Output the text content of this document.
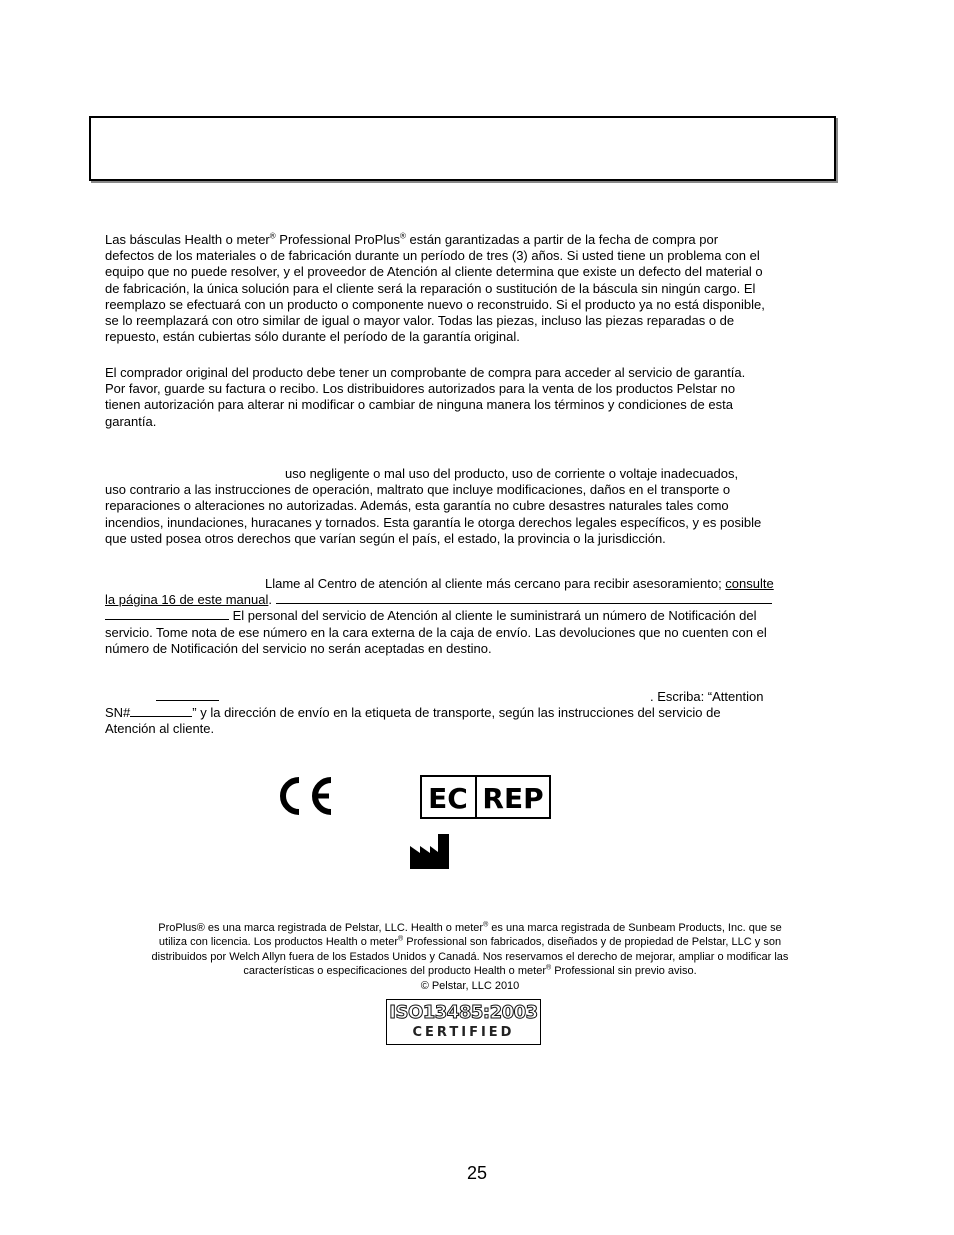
Las básculas Health o meter® Professional ProPlus® están garantizadas a partir de la fecha de compra por
defectos de los materiales o de fabricación durante un período de tres (3) años. Si usted tiene un problema con el
equipo que no puede resolver, y el proveedor de Atención al cliente determina que existe un defecto del material o
de fabricación, la única solución para el cliente será la reparación o sustitución de la báscula sin ningún cargo. El
reemplazo se efectuará con un producto o componente nuevo o reconstruido. Si el producto ya no está disponible,
se lo reemplazará con otro similar de igual o mayor valor. Todas las piezas, incluso las piezas reparadas o de
repuesto, están cubiertas sólo durante el período de la garantía original.

El comprador original del producto debe tener un comprobante de compra para acceder al servicio de garantía.
Por favor, guarde su factura o recibo. Los distribuidores autorizados para la venta de los productos Pelstar no
tienen autorización para alterar ni modificar o cambiar de ninguna manera los términos y condiciones de esta
garantía.

uso negligente o mal uso del producto, uso de corriente o voltaje inadecuados,
uso contrario a las instrucciones de operación, maltrato que incluye modificaciones, daños en el transporte o
reparaciones o alteraciones no autorizadas. Además, esta garantía no cubre desastres naturales tales como
incendios, inundaciones, huracanes y tornados. Esta garantía le otorga derechos legales específicos, y es posible
que usted posea otros derechos que varían según el país, el estado, la provincia o la jurisdicción.

Llame al Centro de atención al cliente más cercano para recibir asesoramiento; consulte
la página 16 de este manual.
El personal del servicio de Atención al cliente le suministrará un número de Notificación del
servicio. Tome nota de ese número en la cara externa de la caja de envío. Las devoluciones que no cuenten con el
número de Notificación del servicio no serán aceptadas en destino.

. Escriba: “Attention
SN#	” y la dirección de envío en la etiqueta de transporte, según las instrucciones del servicio de
Atención al cliente.

EC REP

ProPlus® es una marca registrada de Pelstar, LLC. Health o meter® es una marca registrada de Sunbeam Products, Inc. que se
utiliza con licencia. Los productos Health o meter® Professional son fabricados, diseñados y de propiedad de Pelstar, LLC y son
distribuidos por Welch Allyn fuera de los Estados Unidos y Canadá. Nos reservamos el derecho de mejorar, ampliar o modificar las
características o especificaciones del producto Health o meter® Professional sin previo aviso.
© Pelstar, LLC 2010

ISO13485:2003
CERTIFIED
25
